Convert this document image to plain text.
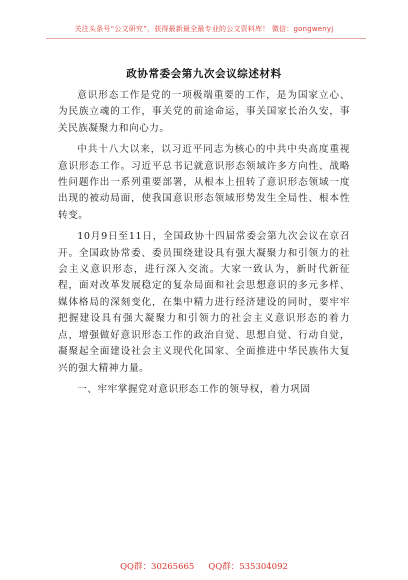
关注头条号“公文研究”，获得最新最全最专业的公文资料库！ 微信：gongwenyj
政协常委会第九次会议综述材料

意识形态工作是党的一项极端重要的工作，是为国家立心、为民族立魂的工作，事关党的前途命运，事关国家长治久安，事关民族凝聚力和向心力。

中共十八大以来，以习近平同志为核心的中共中央高度重视意识形态工作。习近平总书记就意识形态领域许多方向性、战略性问题作出一系列重要部署，从根本上扭转了意识形态领域一度出现的被动局面，使我国意识形态领域形势发生全局性、根本性转变。

10月9日至11日，全国政协十四届常委会第九次会议在京召开。全国政协常委、委员围绕建设具有强大凝聚力和引领力的社会主义意识形态，进行深入交流。大家一致认为，新时代新征程，面对改革发展稳定的复杂局面和社会思想意识的多元多样、媒体格局的深刻变化，在集中精力进行经济建设的同时，要牢牢把握建设具有强大凝聚力和引领力的社会主义意识形态的着力点，增强做好意识形态工作的政治自觉、思想自觉、行动自觉，凝聚起全面建设社会主义现代化国家、全面推进中华民族伟大复兴的强大精神力量。

一、牢牢掌握党对意识形态工作的领导权，着力巩固

QQ群：30265665 QQ群：535304092
